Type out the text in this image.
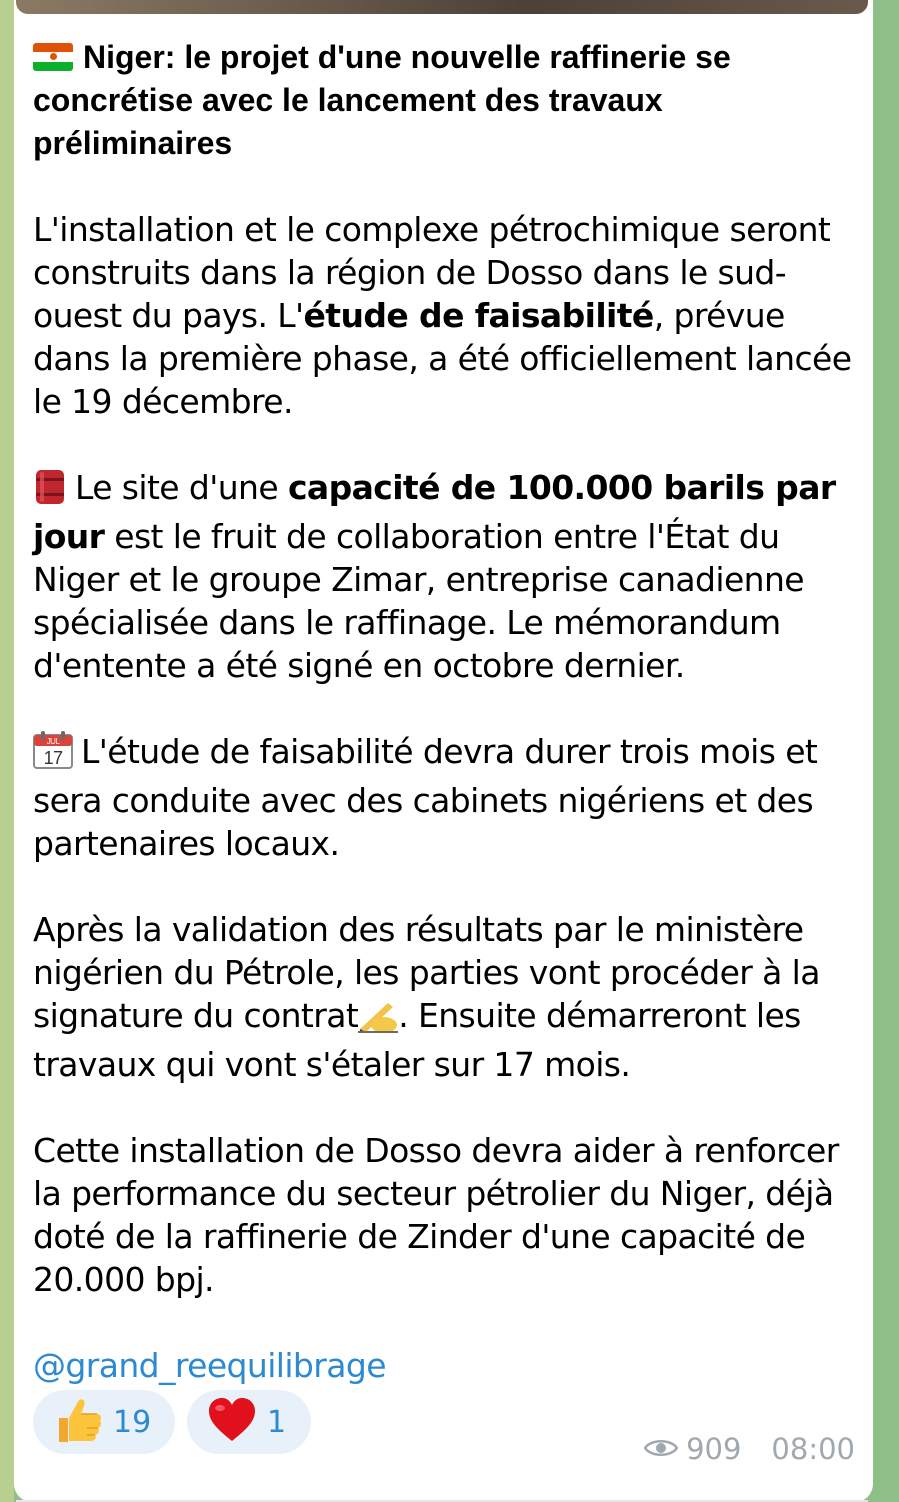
Niger: le projet d'une nouvelle raffinerie se concrétise avec le lancement des travaux préliminaires
L'installation et le complexe pétrochimique seront construits dans la région de Dosso dans le sud-ouest du pays. L'étude de faisabilité, prévue dans la première phase, a été officiellement lancée le 19 décembre.
Le site d'une capacité de 100.000 barils par jour est le fruit de collaboration entre l'État du Niger et le groupe Zimar, entreprise canadienne spécialisée dans le raffinage. Le mémorandum d'entente a été signé en octobre dernier.
JUL
17 L'étude de faisabilité devra durer trois mois et sera conduite avec des cabinets nigériens et des partenaires locaux.
Après la validation des résultats par le ministère nigérien du Pétrole, les parties vont procéder à la signature du contrat . Ensuite démarreront les travaux qui vont s'étaler sur 17 mois.
Cette installation de Dosso devra aider à renforcer la performance du secteur pétrolier du Niger, déjà doté de la raffinerie de Zinder d'une capacité de 20.000 bpj.
@grand_reequilibrage
19	1
909 08:00
